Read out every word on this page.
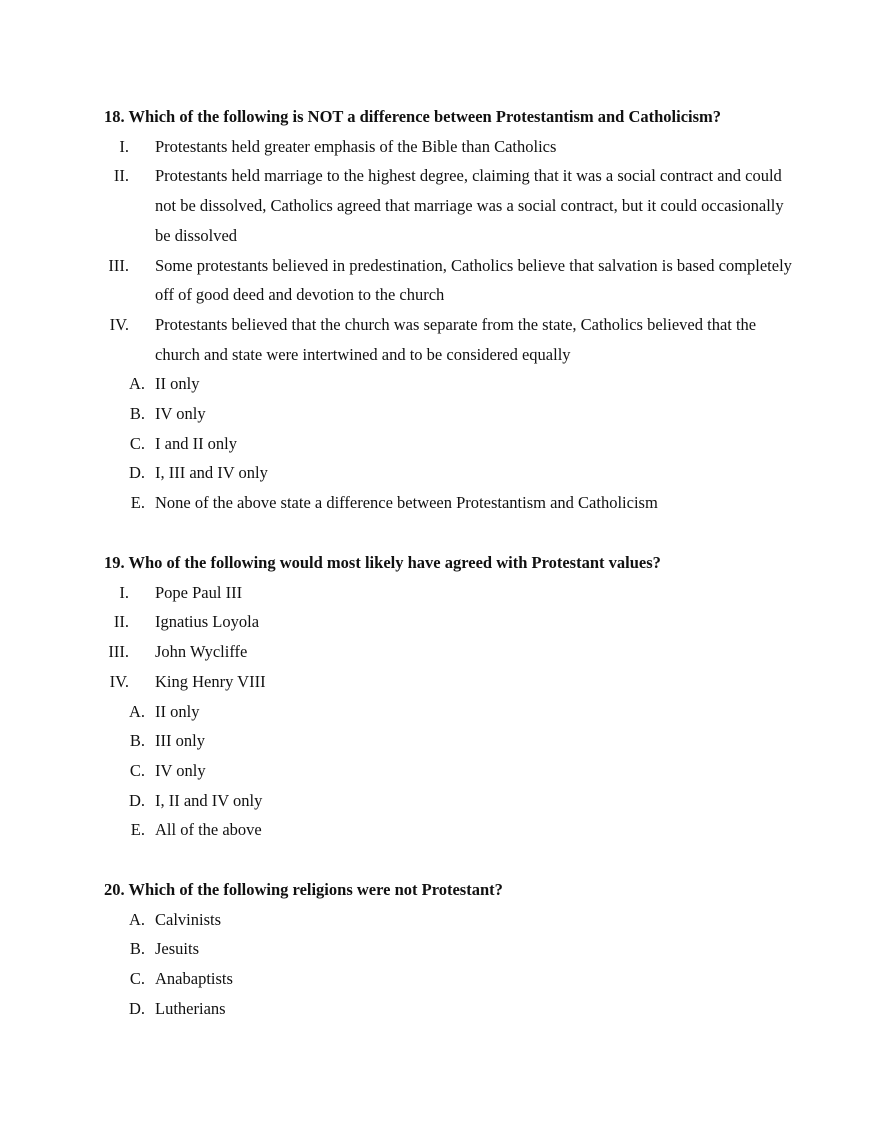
18. Which of the following is NOT a difference between Protestantism and Catholicism?
I.	Protestants held greater emphasis of the Bible than Catholics
II.	Protestants held marriage to the highest degree, claiming that it was a social contract and could not be dissolved, Catholics agreed that marriage was a social contract, but it could occasionally be dissolved
III.	Some protestants believed in predestination, Catholics believe that salvation is based completely off of good deed and devotion to the church
IV.	Protestants believed that the church was separate from the state, Catholics believed that the church and state were intertwined and to be considered equally
A. II only
B. IV only
C. I and II only
D. I, III and IV only
E. None of the above state a difference between Protestantism and Catholicism
19. Who of the following would most likely have agreed with Protestant values?
I.	Pope Paul III
II.	Ignatius Loyola
III.	John Wycliffe
IV.	King Henry VIII
A. II only
B. III only
C. IV only
D. I, II and IV only
E. All of the above
20. Which of the following religions were not Protestant?
A. Calvinists
B. Jesuits
C. Anabaptists
D. Lutherians
